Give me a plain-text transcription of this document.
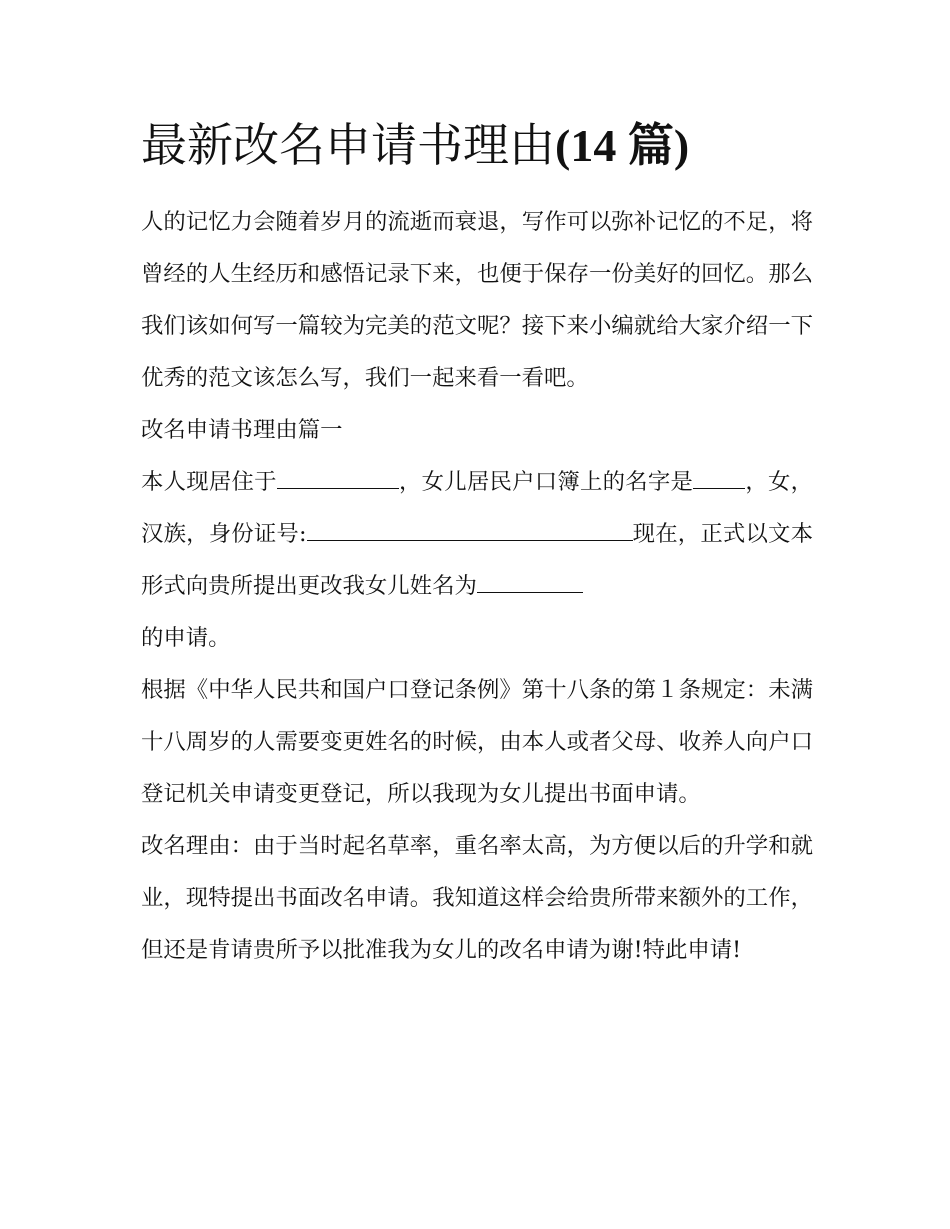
最新改名申请书理由(14 篇)

人的记忆力会随着岁月的流逝而衰退，写作可以弥补记忆的不足，将曾经的人生经历和感悟记录下来，也便于保存一份美好的回忆。那么我们该如何写一篇较为完美的范文呢？接下来小编就给大家介绍一下优秀的范文该怎么写，我们一起来看一看吧。

改名申请书理由篇一

本人现居住于	，女儿居民户口簿上的名字是 ，女，汉族，身份证号:	现在，正式以文本形式向贵所提出更改我女儿姓名为
的申请。

根据《中华人民共和国户口登记条例》第十八条的第１条规定：未满十八周岁的人需要变更姓名的时候，由本人或者父母、收养人向户口登记机关申请变更登记，所以我现为女儿提出书面申请。

改名理由：由于当时起名草率，重名率太高，为方便以后的升学和就业，现特提出书面改名申请。我知道这样会给贵所带来额外的工作，但还是肯请贵所予以批准我为女儿的改名申请为谢!特此申请!
